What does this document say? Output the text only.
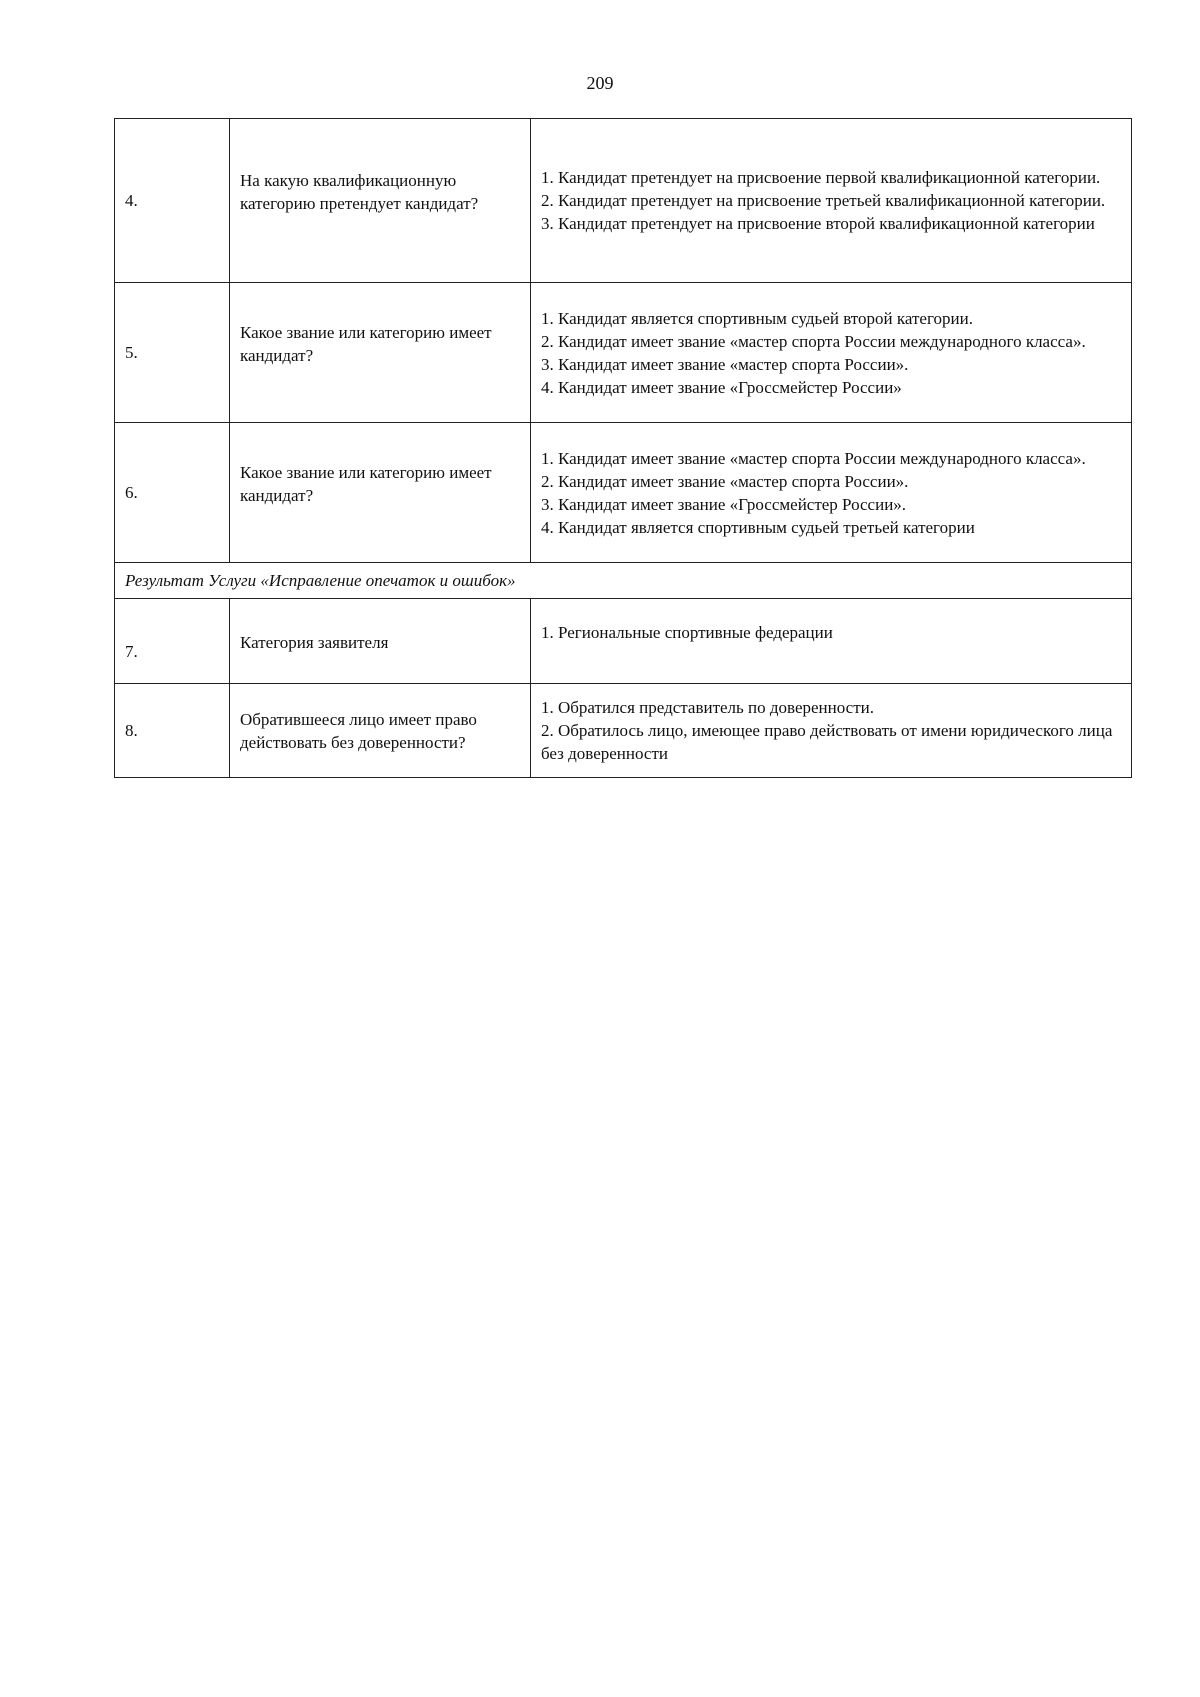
209
4.	На какую квалификационную категорию претендует кандидат?	1. Кандидат претендует на присвоение первой квалификационной категории.
2. Кандидат претендует на присвоение третьей квалификационной категории.
3. Кандидат претендует на присвоение второй квалификационной категории

5.	Какое звание или категорию имеет кандидат?	1. Кандидат является спортивным судьей второй категории.
2. Кандидат имеет звание «мастер спорта России международного класса».
3. Кандидат имеет звание «мастер спорта России».
4. Кандидат имеет звание «Гроссмейстер России»

6.	Какое звание или категорию имеет кандидат?	1. Кандидат имеет звание «мастер спорта России международного класса».
2. Кандидат имеет звание «мастер спорта России».
3. Кандидат имеет звание «Гроссмейстер России».
4. Кандидат является спортивным судьей третьей категории

Результат Услуги «Исправление опечаток и ошибок»		
7.	Категория заявителя	1. Региональные спортивные федерации

8.	Обратившееся лицо имеет право действовать без доверенности?	1. Обратился представитель по доверенности.
2. Обратилось лицо, имеющее право действовать от имени юридического лица без доверенности
